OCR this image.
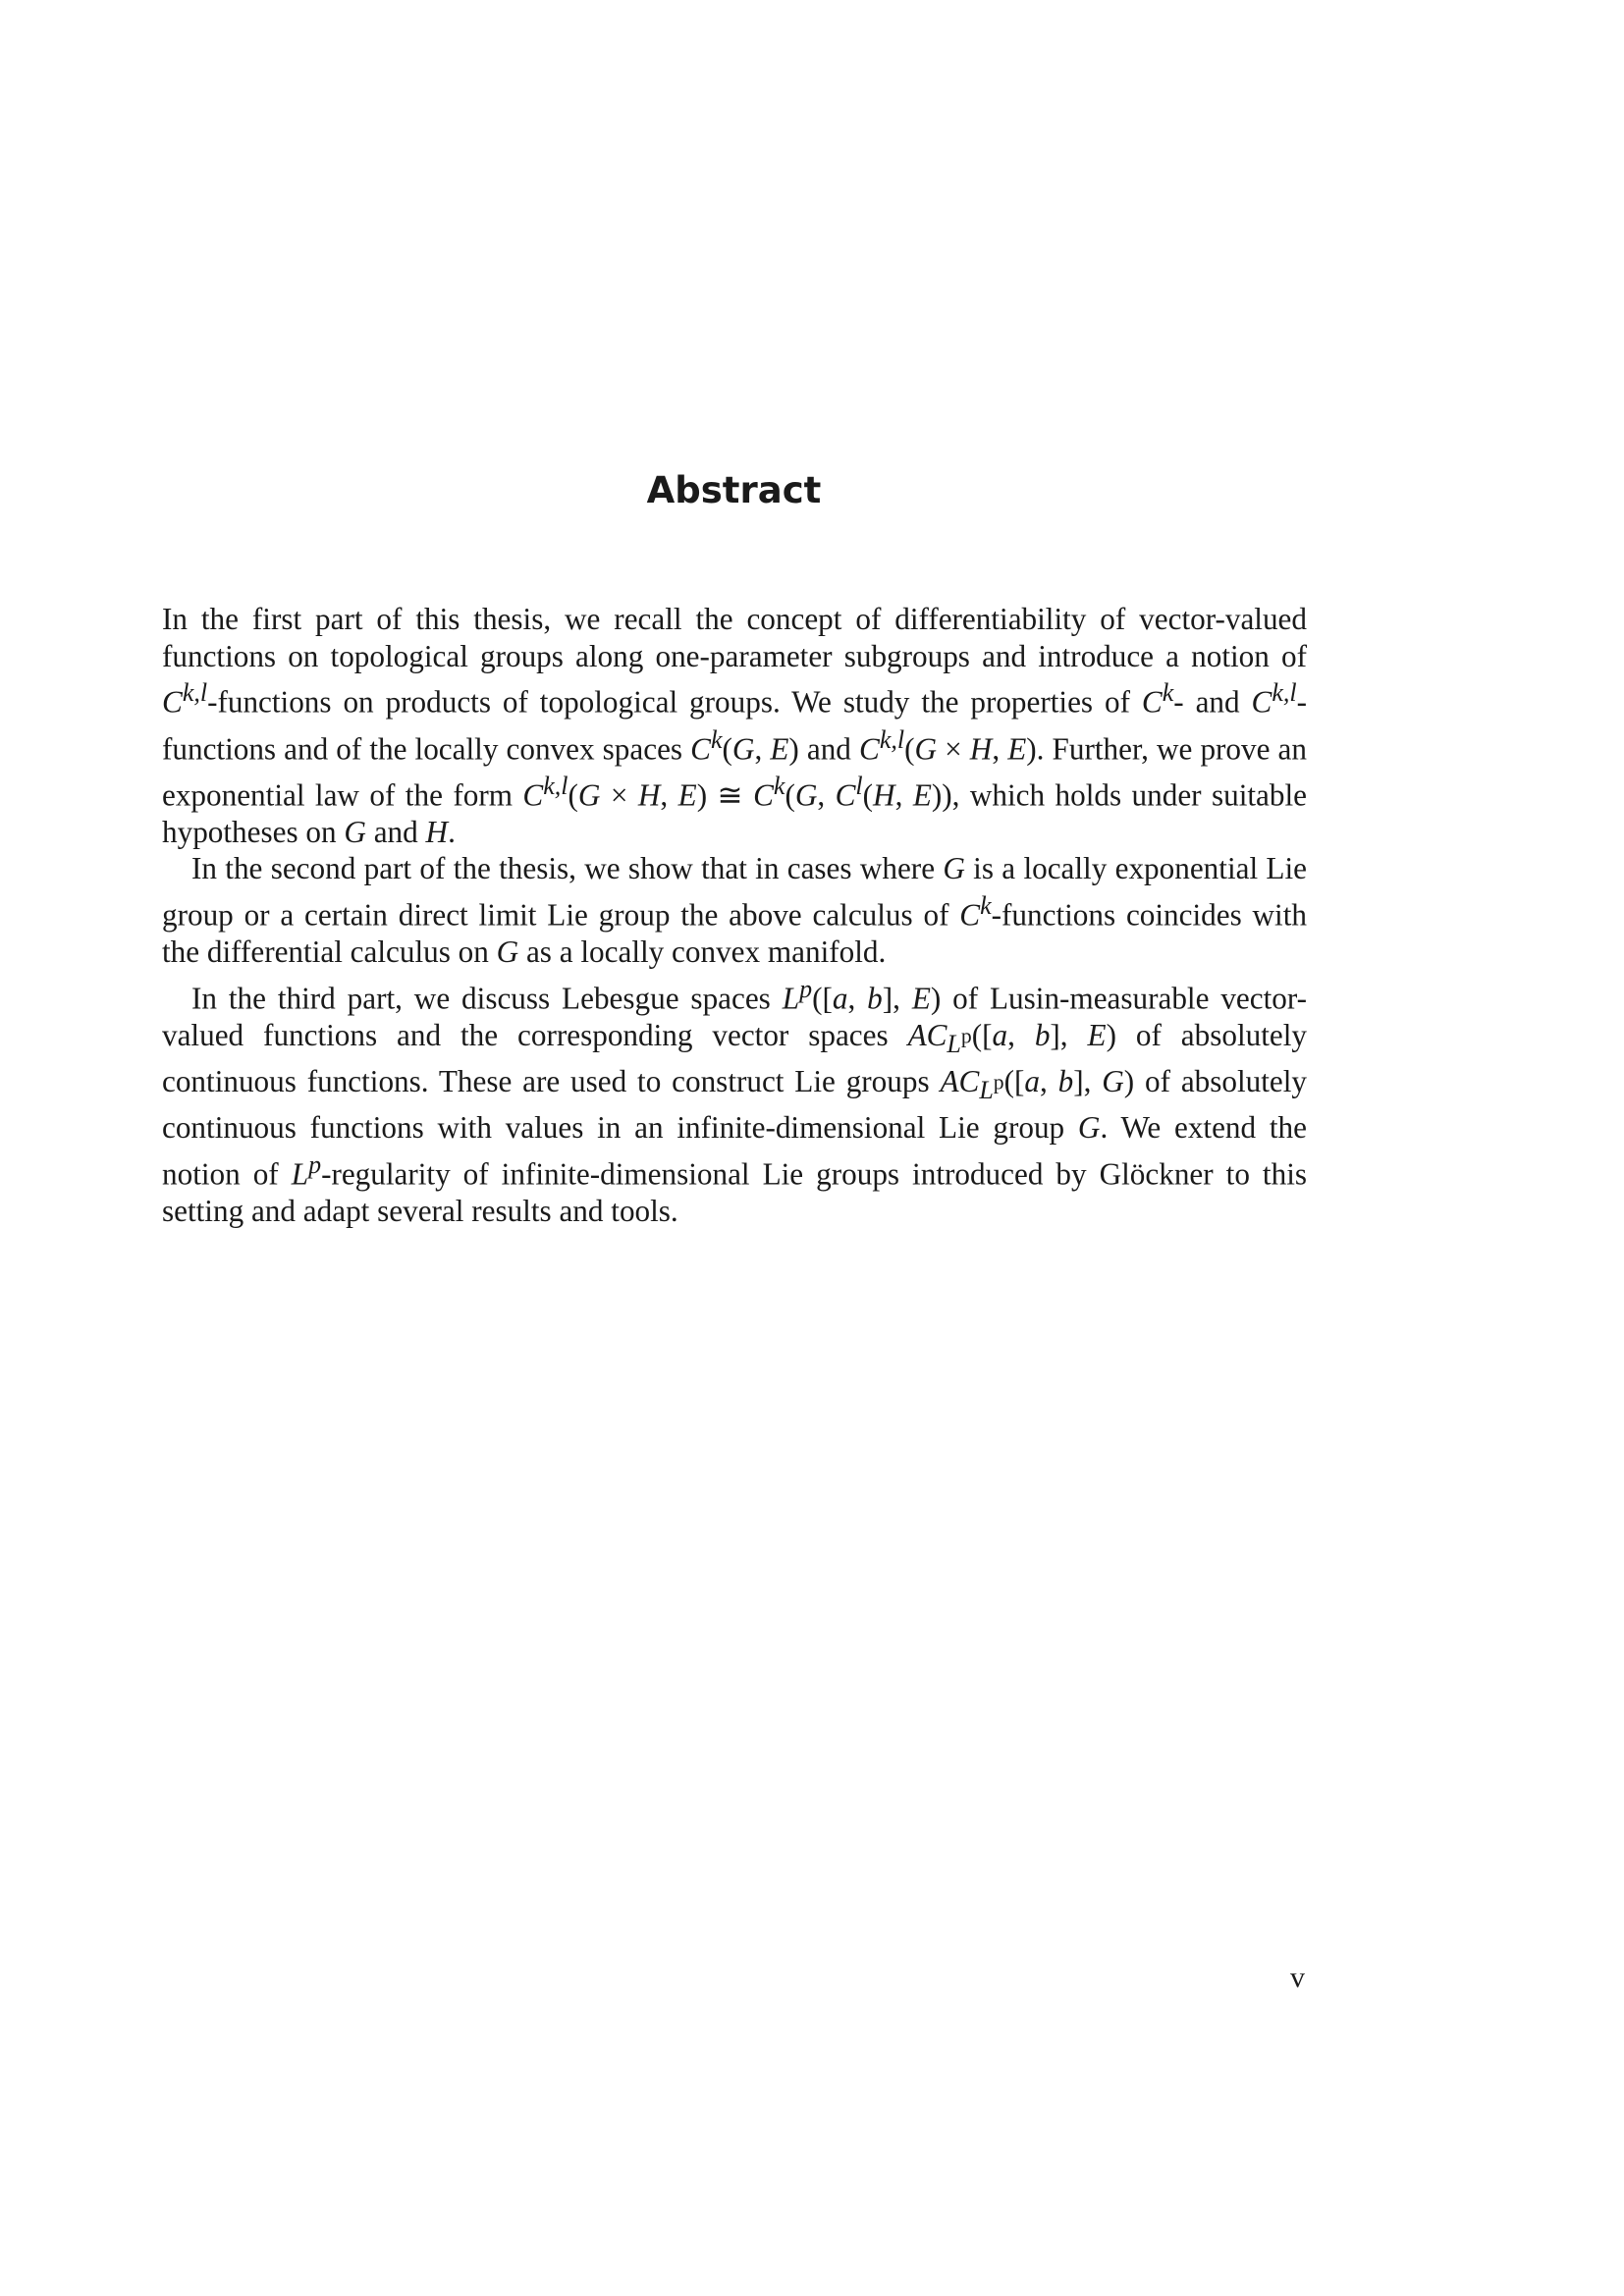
Abstract

In the first part of this thesis, we recall the concept of differentiability of vector-valued functions on topological groups along one-parameter subgroups and introduce a notion of C$^{k,l}$-functions on products of topological groups. We study the properties of $C^k-$ and C$^{k,l}$-functions and of the locally convex spaces $C^k(G$, E) and C$^{k,l}$(G × H, E). Further, we prove an exponential law of the form C$^{k,l}$(G × H, E) ≅ $C^k(G$, $C^l(H$, E)), which holds under suitable hypotheses on G and H.

In the second part of the thesis, we show that in cases where G is a locally exponential Lie group or a certain direct limit Lie group the above calculus of $C^k$-functions coincides with the differential calculus on G as a locally convex manifold.

In the third part, we discuss Lebesgue spaces $L^p([a$, b], E) of Lusin-measurable vector-valued functions and the corresponding vector spaces $AC_{L^p}([a$, b], E) of absolutely continuous functions. These are used to construct Lie groups $AC_{L^p}([a$, b], G) of absolutely continuous functions with values in an infinite-dimensional Lie group G. We extend the notion of $L^p$-regularity of infinite-dimensional Lie groups introduced by Glöckner to this setting and adapt several results and tools.

v
